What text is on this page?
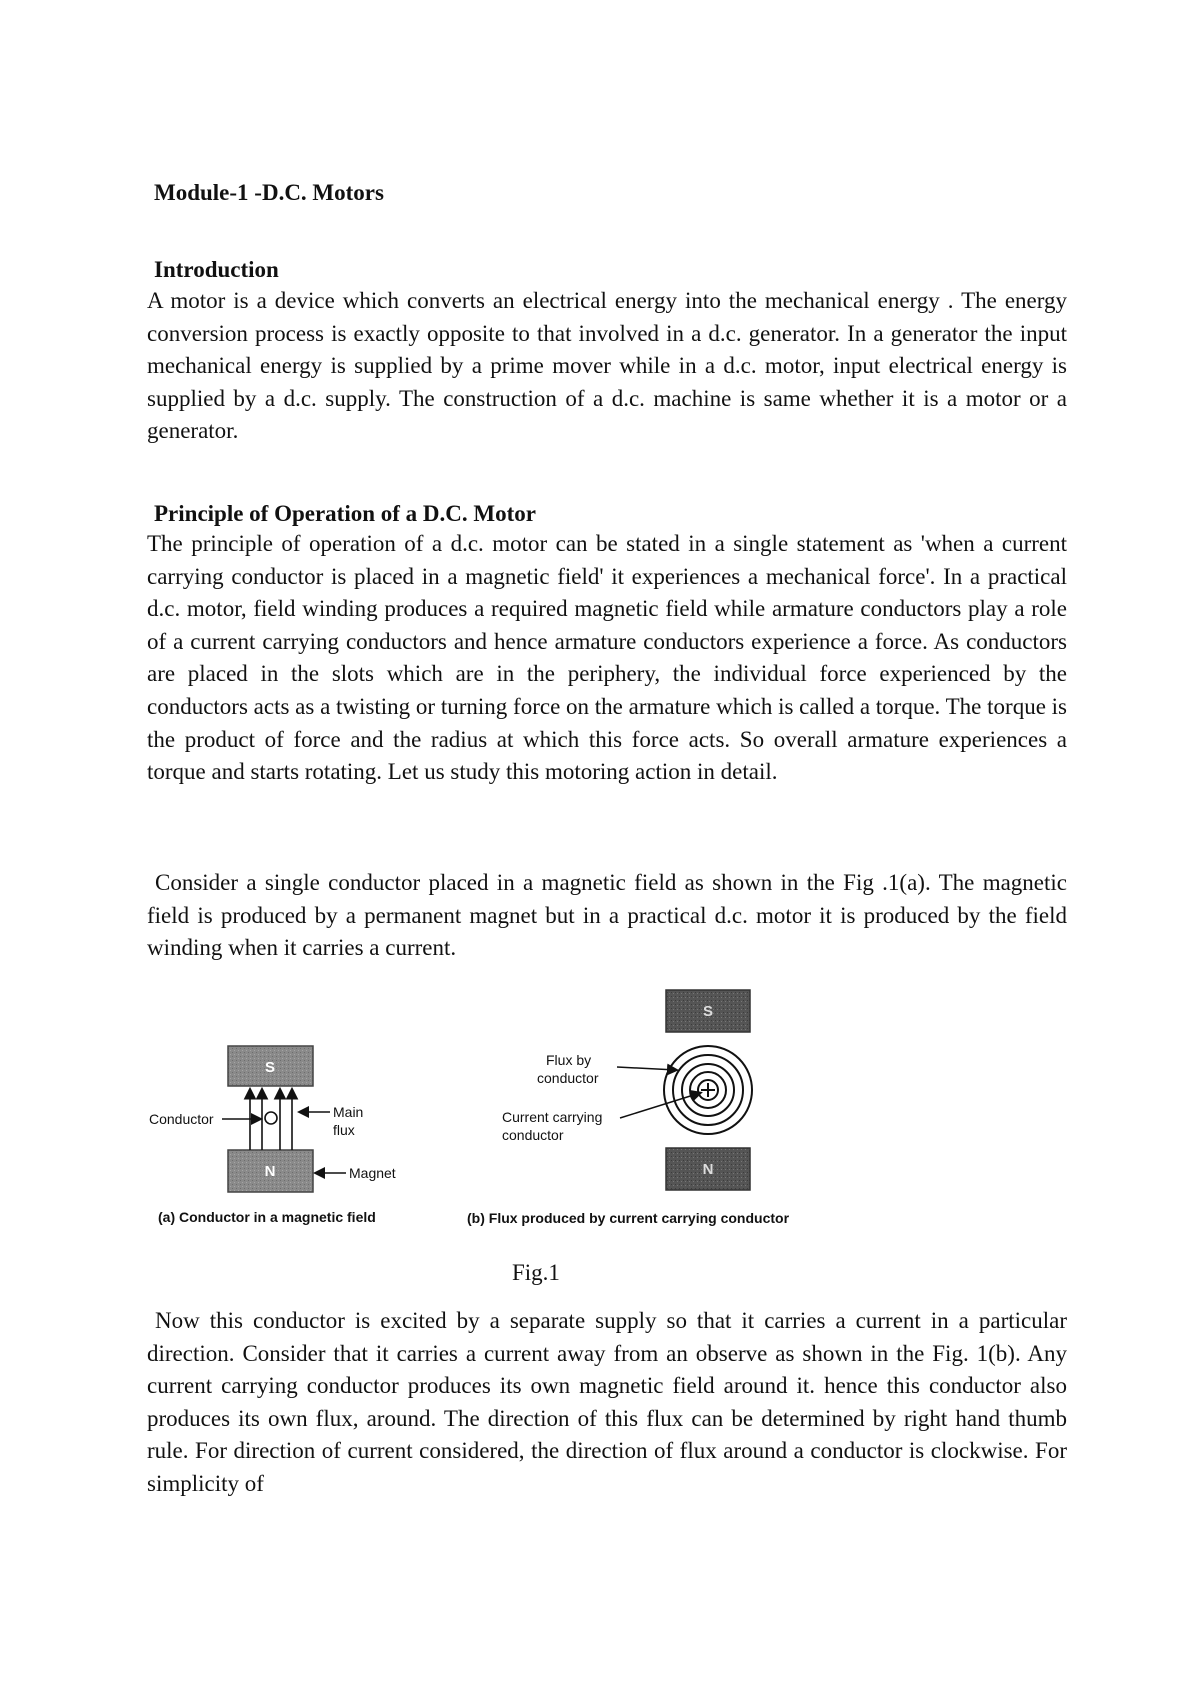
Module-1 -D.C. Motors

Introduction

A motor is a device which converts an electrical energy into the mechanical energy . The energy conversion process is exactly opposite to that involved in a d.c. generator. In a generator the input mechanical energy is supplied by a prime mover while in a d.c. motor, input electrical energy is supplied by a d.c. supply. The construction of a d.c. machine is same whether it is a motor or a generator.

Principle of Operation of a D.C. Motor

The principle of operation of a d.c. motor can be stated in a single statement as 'when a current carrying conductor is placed in a magnetic field' it experiences a mechanical force'. In a practical d.c. motor, field winding produces a required magnetic field while armature conductors play a role of a current carrying conductors and hence armature conductors experience a force. As conductors are placed in the slots which are in the periphery, the individual force experienced by the conductors acts as a twisting or turning force on the armature which is called a torque. The torque is the product of force and the radius at which this force acts. So overall armature experiences a torque and starts rotating. Let us study this motoring action in detail.

Consider a single conductor placed in a magnetic field as shown in the Fig .1(a). The magnetic field is produced by a permanent magnet but in a practical d.c. motor it is produced by the field winding when it carries a current.

S
N
Conductor	Main
flux
Magnet
(a) Conductor in a magnetic field
S
N
Flux by
conductor
Current carrying
conductor
(b) Flux produced by current carrying conductor

Fig.1

Now this conductor is excited by a separate supply so that it carries a current in a particular direction. Consider that it carries a current away from an observe as shown in the Fig. 1(b). Any current carrying conductor produces its own magnetic field around it. hence this conductor also produces its own flux, around. The direction of this flux can be determined by right hand thumb rule. For direction of current considered, the direction of flux around a conductor is clockwise. For simplicity of
